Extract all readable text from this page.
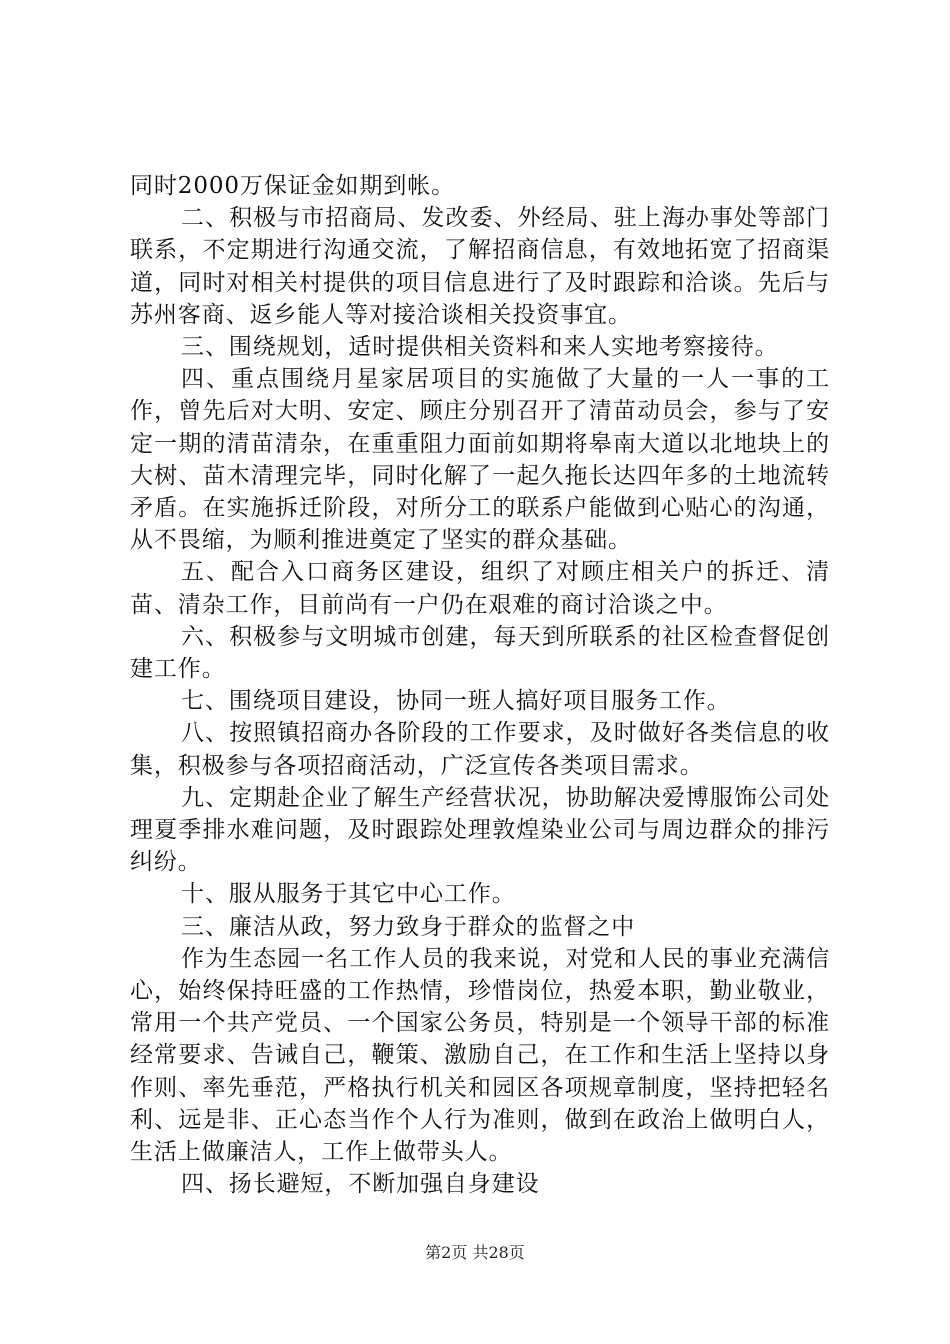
同时2000万保证金如期到帐。

二、积极与市招商局、发改委、外经局、驻上海办事处等部门联系，不定期进行沟通交流，了解招商信息，有效地拓宽了招商渠道，同时对相关村提供的项目信息进行了及时跟踪和洽谈。先后与苏州客商、返乡能人等对接洽谈相关投资事宜。

三、围绕规划，适时提供相关资料和来人实地考察接待。

四、重点围绕月星家居项目的实施做了大量的一人一事的工作，曾先后对大明、安定、顾庄分别召开了清苗动员会，参与了安定一期的清苗清杂，在重重阻力面前如期将皋南大道以北地块上的大树、苗木清理完毕，同时化解了一起久拖长达四年多的土地流转矛盾。在实施拆迁阶段，对所分工的联系户能做到心贴心的沟通，从不畏缩，为顺利推进奠定了坚实的群众基础。

五、配合入口商务区建设，组织了对顾庄相关户的拆迁、清苗、清杂工作，目前尚有一户仍在艰难的商讨洽谈之中。

六、积极参与文明城市创建，每天到所联系的社区检查督促创建工作。

七、围绕项目建设，协同一班人搞好项目服务工作。

八、按照镇招商办各阶段的工作要求，及时做好各类信息的收集，积极参与各项招商活动，广泛宣传各类项目需求。

九、定期赴企业了解生产经营状况，协助解决爱博服饰公司处理夏季排水难问题，及时跟踪处理敦煌染业公司与周边群众的排污纠纷。

十、服从服务于其它中心工作。

三、廉洁从政，努力致身于群众的监督之中

作为生态园一名工作人员的我来说，对党和人民的事业充满信心，始终保持旺盛的工作热情，珍惜岗位，热爱本职，勤业敬业，常用一个共产党员、一个国家公务员，特别是一个领导干部的标准经常要求、告诫自己，鞭策、激励自己，在工作和生活上坚持以身作则、率先垂范，严格执行机关和园区各项规章制度，坚持把轻名利、远是非、正心态当作个人行为准则，做到在政治上做明白人，生活上做廉洁人，工作上做带头人。

四、扬长避短，不断加强自身建设

第2页 共28页
